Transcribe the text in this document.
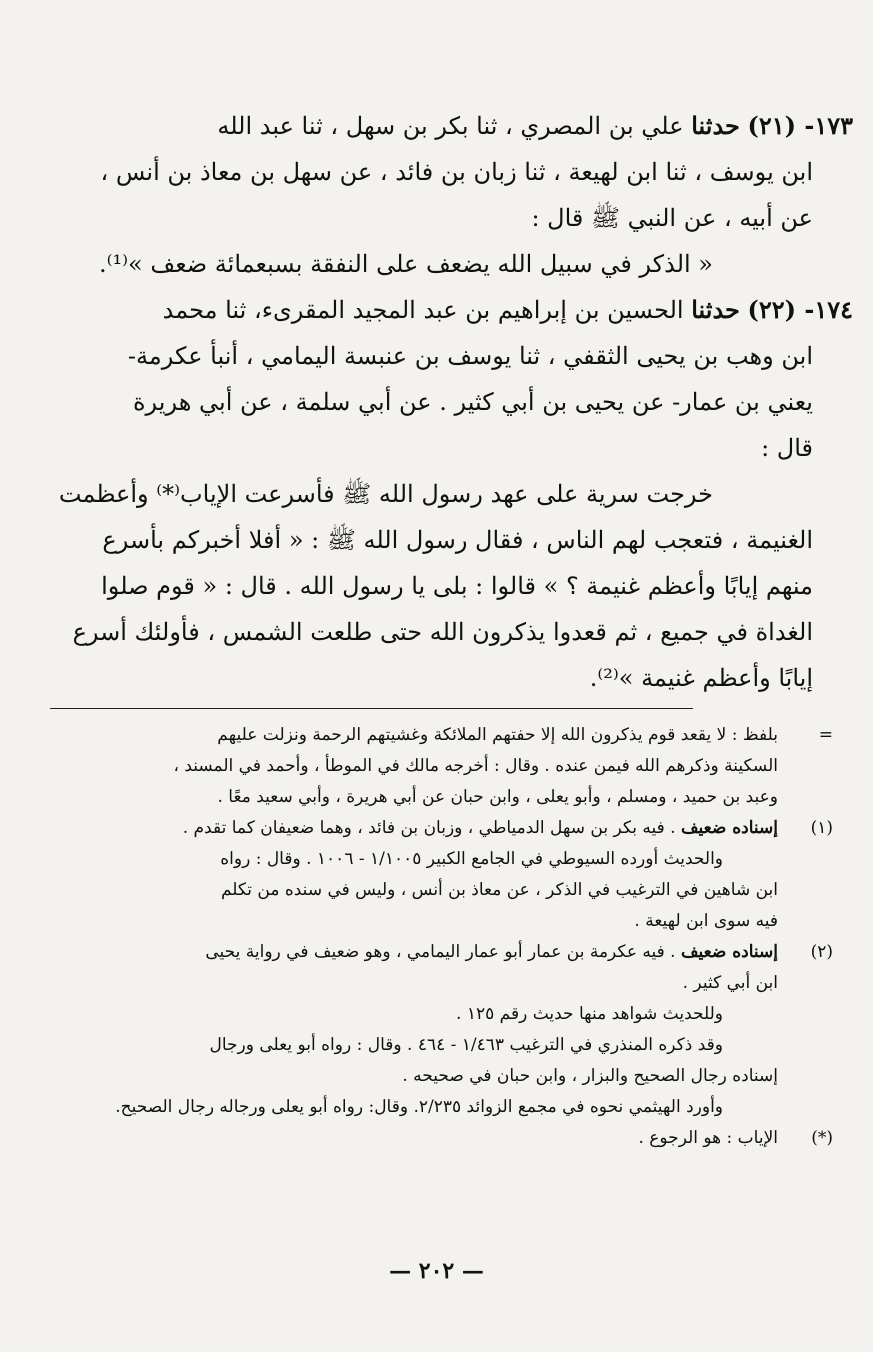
١٧٣- (٢١) حدثنا علي بن المصري ، ثنا بكر بن سهل ، ثنا عبد الله

ابن يوسف ، ثنا ابن لهيعة ، ثنا زبان بن فائد ، عن سهل بن معاذ بن أنس ،

عن أبيه ، عن النبي ﷺ قال :

« الذكر في سبيل الله يضعف على النفقة بسبعمائة ضعف »⁽¹⁾.

١٧٤- (٢٢) حدثنا الحسين بن إبراهيم بن عبد المجيد المقرىء، ثنا محمد

ابن وهب بن يحيى الثقفي ، ثنا يوسف بن عنبسة اليمامي ، أنبأ عكرمة-

يعني بن عمار- عن يحيى بن أبي كثير . عن أبي سلمة ، عن أبي هريرة

قال :

خرجت سرية على عهد رسول الله ﷺ فأسرعت الإياب⁽*⁾ وأعظمت

الغنيمة ، فتعجب لهم الناس ، فقال رسول الله ﷺ : « أفلا أخبركم بأسرع

منهم إيابًا وأعظم غنيمة ؟ » قالوا : بلى يا رسول الله . قال : « قوم صلوا

الغداة في جميع ، ثم قعدوا يذكرون الله حتى طلعت الشمس ، فأولئك أسرع

إيابًا وأعظم غنيمة »⁽²⁾.

=
بلفظ : لا يقعد قوم يذكرون الله إلا حفتهم الملائكة وغشيتهم الرحمة ونزلت عليهم
السكينة وذكرهم الله فيمن عنده . وقال : أخرجه مالك في الموطأ ، وأحمد في المسند ،
وعبد بن حميد ، ومسلم ، وأبو يعلى ، وابن حبان عن أبي هريرة ، وأبي سعيد معًا .
(١)
إسناده ضعيف . فيه بكر بن سهل الدمياطي ، وزبان بن فائد ، وهما ضعيفان كما تقدم .
والحديث أورده السيوطي في الجامع الكبير ١/١٠٠٥ - ١٠٠٦ . وقال : رواه
ابن شاهين في الترغيب في الذكر ، عن معاذ بن أنس ، وليس في سنده من تكلم
فيه سوى ابن لهيعة .
(٢)
إسناده ضعيف . فيه عكرمة بن عمار أبو عمار اليمامي ، وهو ضعيف في رواية يحيى
ابن أبي كثير .
وللحديث شواهد منها حديث رقم ١٢٥ .
وقد ذكره المنذري في الترغيب ١/٤٦٣ - ٤٦٤ . وقال : رواه أبو يعلى ورجال
إسناده رجال الصحيح والبزار ، وابن حبان في صحيحه .
وأورد الهيثمي نحوه في مجمع الزوائد ٢/٢٣٥. وقال: رواه أبو يعلى ورجاله رجال الصحيح.
(*)
الإياب : هو الرجوع .
— ٢٠٢ —
